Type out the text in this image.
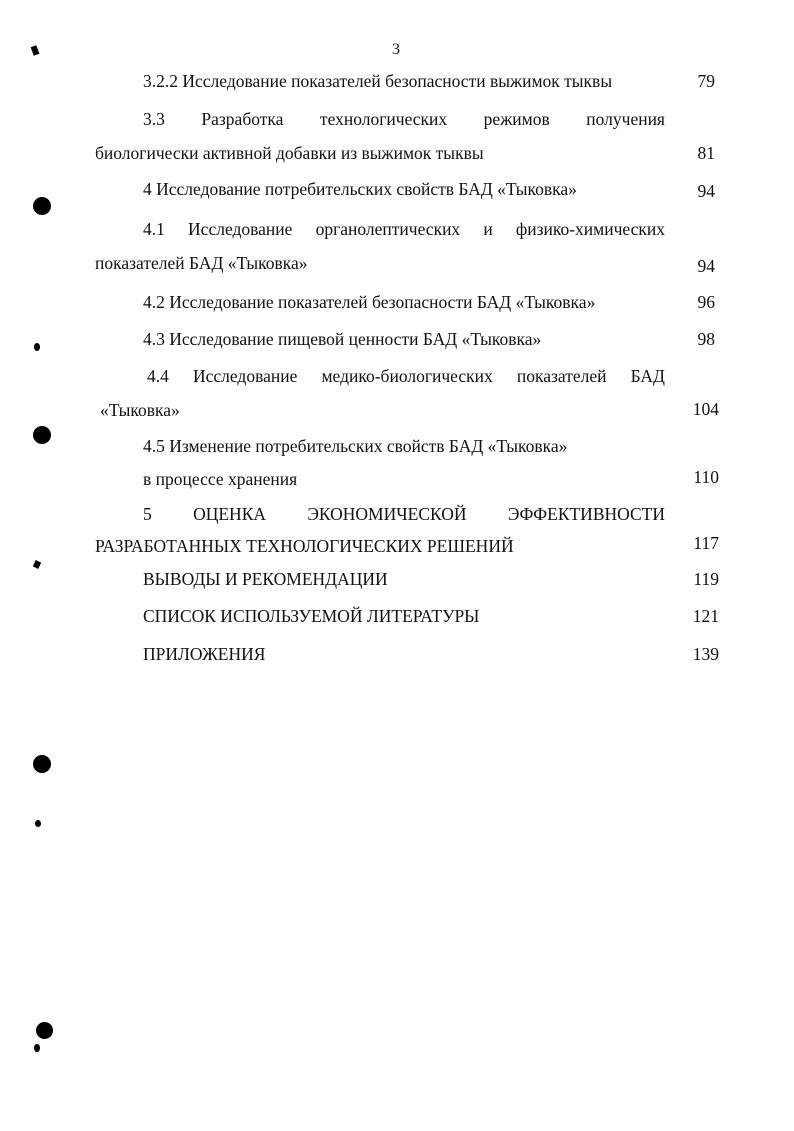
3
3.2.2 Исследование показателей безопасности выжимок тыквы	79
3.3 Разработка технологических режимов получения
биологически активной добавки из выжимок тыквы	81
4 Исследование потребительских свойств БАД «Тыковка»	94
4.1 Исследование органолептических и физико-химических
показателей БАД «Тыковка»	94
4.2 Исследование показателей безопасности БАД «Тыковка»	96
4.3 Исследование пищевой ценности БАД «Тыковка»	98
4.4 Исследование медико-биологических показателей БАД
«Тыковка»	104
4.5 Изменение потребительских свойств БАД «Тыковка»
в процессе хранения	110
5 ОЦЕНКА ЭКОНОМИЧЕСКОЙ ЭФФЕКТИВНОСТИ
РАЗРАБОТАННЫХ ТЕХНОЛОГИЧЕСКИХ РЕШЕНИЙ	117
ВЫВОДЫ И РЕКОМЕНДАЦИИ	119
СПИСОК ИСПОЛЬЗУЕМОЙ ЛИТЕРАТУРЫ	121
ПРИЛОЖЕНИЯ	139
